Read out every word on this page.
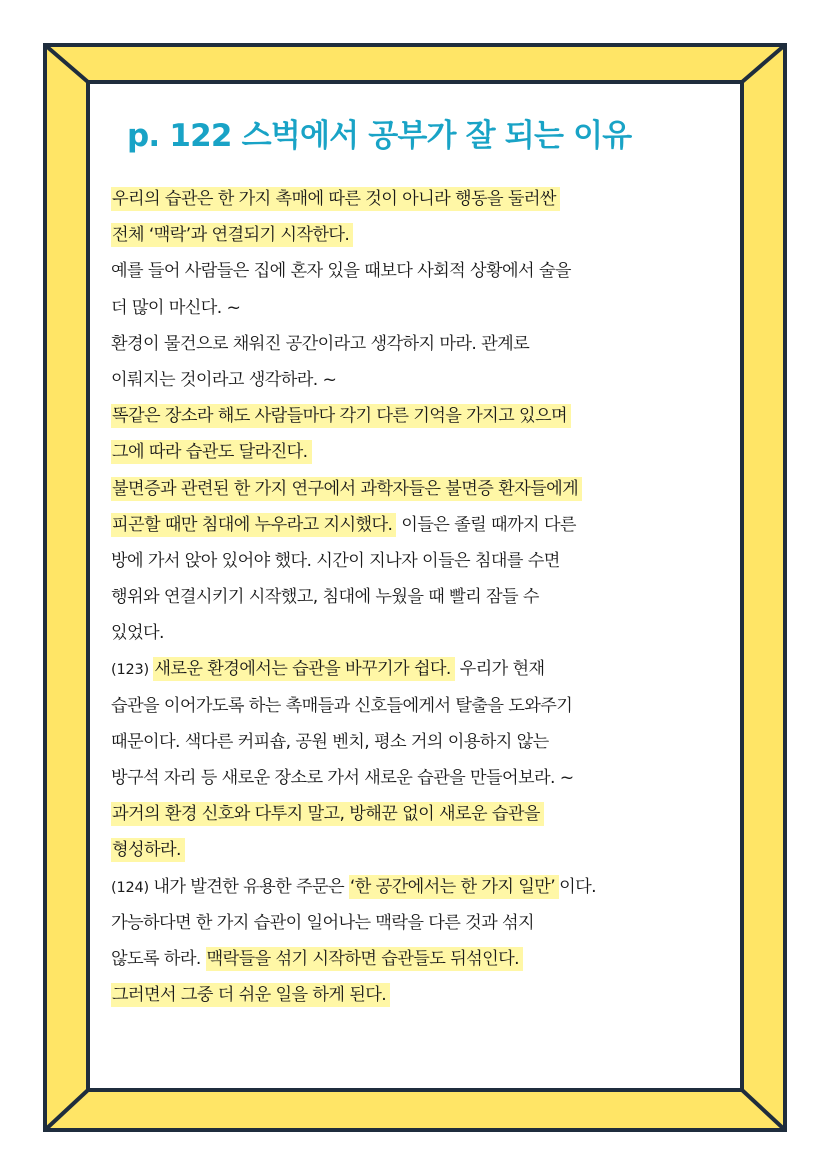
p. 122 스벅에서 공부가 잘 되는 이유
우리의 습관은 한 가지 촉매에 따른 것이 아니라 행동을 둘러싼
전체 ‘맥락’과 연결되기 시작한다.
예를 들어 사람들은 집에 혼자 있을 때보다 사회적 상황에서 술을
더 많이 마신다. ~
환경이 물건으로 채워진 공간이라고 생각하지 마라. 관계로
이뤄지는 것이라고 생각하라. ~
똑같은 장소라 해도 사람들마다 각기 다른 기억을 가지고 있으며
그에 따라 습관도 달라진다.
불면증과 관련된 한 가지 연구에서 과학자들은 불면증 환자들에게
피곤할 때만 침대에 누우라고 지시했다. 이들은 졸릴 때까지 다른
방에 가서 앉아 있어야 했다. 시간이 지나자 이들은 침대를 수면
행위와 연결시키기 시작했고, 침대에 누웠을 때 빨리 잠들 수
있었다.
(123) 새로운 환경에서는 습관을 바꾸기가 쉽다. 우리가 현재
습관을 이어가도록 하는 촉매들과 신호들에게서 탈출을 도와주기
때문이다. 색다른 커피숍, 공원 벤치, 평소 거의 이용하지 않는
방구석 자리 등 새로운 장소로 가서 새로운 습관을 만들어보라. ~
과거의 환경 신호와 다투지 말고, 방해꾼 없이 새로운 습관을
형성하라.
(124) 내가 발견한 유용한 주문은 ‘한 공간에서는 한 가지 일만’ 이다.
가능하다면 한 가지 습관이 일어나는 맥락을 다른 것과 섞지
않도록 하라. 맥락들을 섞기 시작하면 습관들도 뒤섞인다.
그러면서 그중 더 쉬운 일을 하게 된다.
